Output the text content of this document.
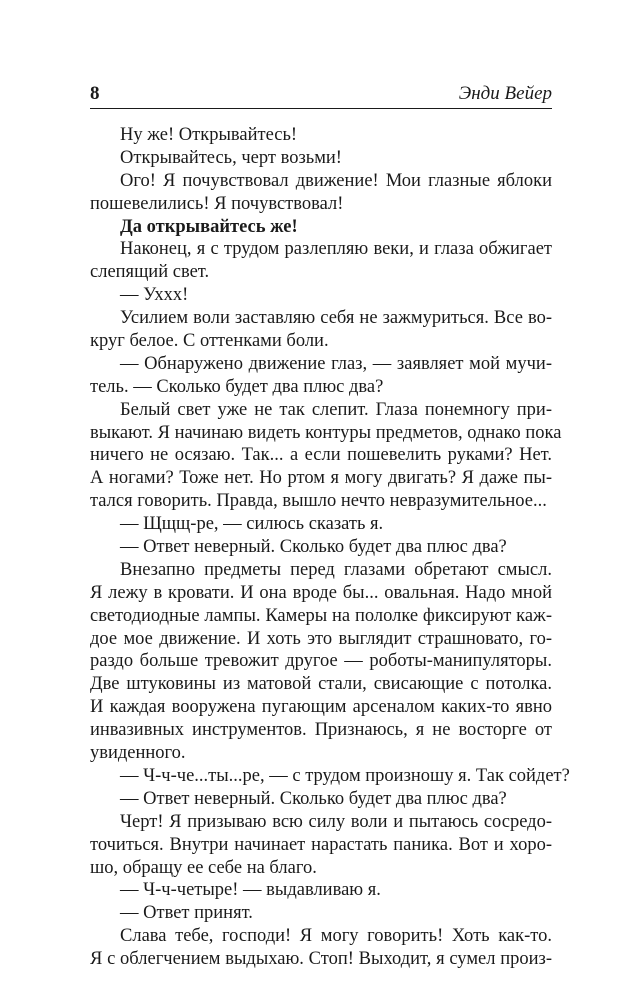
8	Энди Вейер
Ну же! Открывайтесь!
Открывайтесь, черт возьми!
Ого! Я почувствовал движение! Мои глазные яблоки
пошевелились! Я почувствовал!
Да открывайтесь же!
Наконец, я с трудом разлепляю веки, и глаза обжигает
слепящий свет.
— Уххх!
Усилием воли заставляю себя не зажмуриться. Все во-
круг белое. С оттенками боли.
— Обнаружено движение глаз, — заявляет мой мучи-
тель. — Сколько будет два плюс два?
Белый свет уже не так слепит. Глаза понемногу при-
выкают. Я начинаю видеть контуры предметов, однако пока
ничего не осязаю. Так... а если пошевелить руками? Нет.
А ногами? Тоже нет. Но ртом я могу двигать? Я даже пы-
тался говорить. Правда, вышло нечто невразумительное...
— Щщщ-ре, — силюсь сказать я.
— Ответ неверный. Сколько будет два плюс два?
Внезапно предметы перед глазами обретают смысл.
Я лежу в кровати. И она вроде бы... овальная. Надо мной
светодиодные лампы. Камеры на пололке фиксируют каж-
дое мое движение. И хоть это выглядит страшновато, го-
раздо больше тревожит другое — роботы-манипуляторы.
Две штуковины из матовой стали, свисающие с потолка.
И каждая вооружена пугающим арсеналом каких-то явно
инвазивных инструментов. Признаюсь, я не восторге от
увиденного.
— Ч-ч-че...ты...ре, — с трудом произношу я. Так сойдет?
— Ответ неверный. Сколько будет два плюс два?
Черт! Я призываю всю силу воли и пытаюсь сосредо-
точиться. Внутри начинает нарастать паника. Вот и хоро-
шо, обращу ее себе на благо.
— Ч-ч-четыре! — выдавливаю я.
— Ответ принят.
Слава тебе, господи! Я могу говорить! Хоть как-то.
Я с облегчением выдыхаю. Стоп! Выходит, я сумел произ-
